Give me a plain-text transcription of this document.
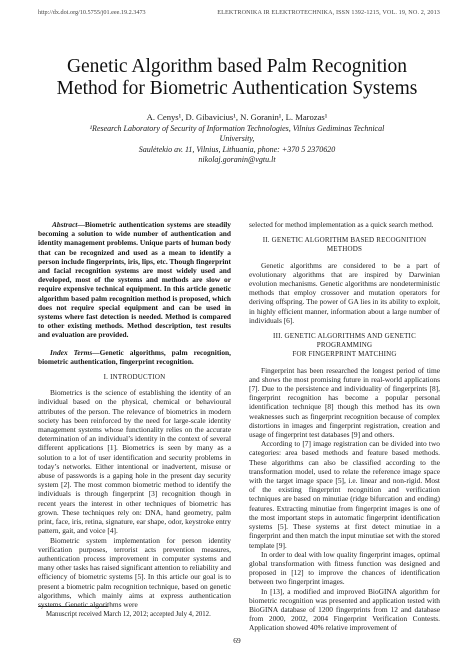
http://dx.doi.org/10.5755/j01.eee.19.2.3473	ELEKTRONIKA IR ELEKTROTECHNIKA, ISSN 1392-1215, VOL. 19, NO. 2, 2013
Genetic Algorithm based Palm Recognition
Method for Biometric Authentication Systems
A. Cenys¹, D. Gibavicius¹, N. Goranin¹, L. Marozas¹
¹Research Laboratory of Security of Information Technologies, Vilnius Gediminas Technical
University,
Saulėtekio av. 11, Vilnius, Lithuania, phone: +370 5 2370620
nikolaj.goranin@vgtu.lt

Abstract—Biometric authentication systems are steadily becoming a solution to wide number of authentication and identity management problems. Unique parts of human body that can be recognized and used as a mean to identify a person include fingerprints, iris, lips, etc. Though fingerprint and facial recognition systems are most widely used and developed, most of the systems and methods are slow or require expensive technical equipment. In this article genetic algorithm based palm recognition method is proposed, which does not require special equipment and can be used in systems where fast detection is needed. Method is compared to other existing methods. Method description, test results and evaluation are provided.

Index Terms—Genetic algorithms, palm recognition, biometric authentication, fingerprint recognition.

I. INTRODUCTION

Biometrics is the science of establishing the identity of an individual based on the physical, chemical or behavioural attributes of the person. The relevance of biometrics in modern society has been reinforced by the need for large-scale identity management systems whose functionality relies on the accurate determination of an individual’s identity in the context of several different applications [1]. Biometrics is seen by many as a solution to a lot of user identification and security problems in today’s networks. Either intentional or inadvertent, misuse or abuse of passwords is a gaping hole in the present day security system [2]. The most common biometric method to identify the individuals is through fingerprint [3] recognition though in recent years the interest in other techniques of biometric has grown. These techniques rely on: DNA, hand geometry, palm print, face, iris, retina, signature, ear shape, odor, keystroke entry pattern, gait, and voice [4].

Biometric system implementation for person identity verification purposes, terrorist acts prevention measures, authentication process improvement in computer systems and many other tasks has raised significant attention to reliability and efficiency of biometric systems [5]. In this article our goal is to present a biometric palm recognition technique, based on genetic algorithms, which mainly aims at express authentication systems. Genetic algorithms were

selected for method implementation as a quick search method.

II. GENETIC ALGORITHM BASED RECOGNITION METHODS

Genetic algorithms are considered to be a part of evolutionary algorithms that are inspired by Darwinian evolution mechanisms. Genetic algorithms are nondeterministic methods that employ crossover and mutation operators for deriving offspring. The power of GA lies in its ability to exploit, in highly efficient manner, information about a large number of individuals [6].

III. GENETIC ALGORITHMS AND GENETIC PROGRAMMING
FOR FINGERPRINT MATCHING

Fingerprint has been researched the longest period of time and shows the most promising future in real-world applications [7]. Due to the persistence and individuality of fingerprints [8], fingerprint recognition has become a popular personal identification technique [8] though this method has its own weaknesses such as fingerprint recognition because of complex distortions in images and fingerprint registration, creation and usage of fingerprint test databases [9] and others.

According to [7] image registration can be divided into two categories: area based methods and feature based methods. These algorithms can also be classified according to the transformation model, used to relate the reference image space with the target image space [5], i.e. linear and non-rigid. Most of the existing fingerprint recognition and verification techniques are based on minutiae (ridge bifurcation and ending) features. Extracting minutiae from fingerprint images is one of the most important steps in automatic fingerprint identification systems [5]. These systems at first detect minutiae in a fingerprint and then match the input minutiae set with the stored template [9].

In order to deal with low quality fingerprint images, optimal global transformation with fitness function was designed and proposed in [12] to improve the chances of identification between two fingerprint images.

In [13], a modified and improved BioGINA algorithm for biometric recognition was presented and application tested with BioGINA database of 1200 fingerprints from 12 and database from 2000, 2002, 2004 Fingerprint Verification Contests. Application showed 40% relative improvement of

Manuscript received March 12, 2012; accepted July 4, 2012.
69
